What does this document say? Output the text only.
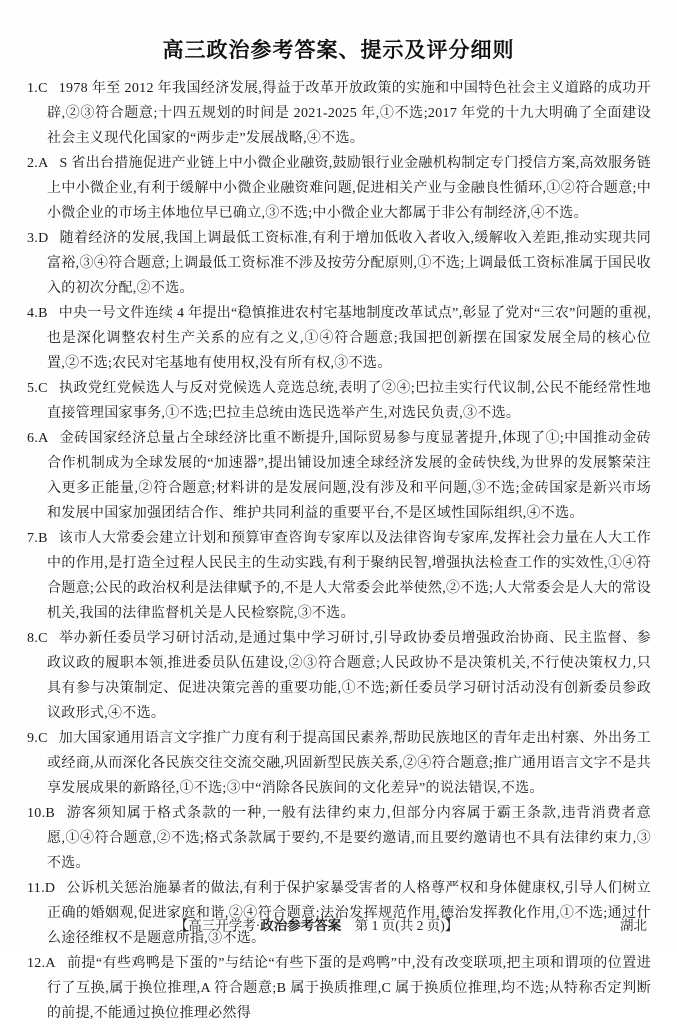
高三政治参考答案、提示及评分细则
1.C 1978 年至 2012 年我国经济发展,得益于改革开放政策的实施和中国特色社会主义道路的成功开辟,②③符合题意;十四五规划的时间是 2021-2025 年,①不选;2017 年党的十九大明确了全面建设社会主义现代化国家的“两步走”发展战略,④不选。
2.A S 省出台措施促进产业链上中小微企业融资,鼓励银行业金融机构制定专门授信方案,高效服务链上中小微企业,有利于缓解中小微企业融资难问题,促进相关产业与金融良性循环,①②符合题意;中小微企业的市场主体地位早已确立,③不选;中小微企业大都属于非公有制经济,④不选。
3.D 随着经济的发展,我国上调最低工资标准,有利于增加低收入者收入,缓解收入差距,推动实现共同富裕,③④符合题意;上调最低工资标准不涉及按劳分配原则,①不选;上调最低工资标准属于国民收入的初次分配,②不选。
4.B 中央一号文件连续 4 年提出“稳慎推进农村宅基地制度改革试点”,彰显了党对“三农”问题的重视,也是深化调整农村生产关系的应有之义,①④符合题意;我国把创新摆在国家发展全局的核心位置,②不选;农民对宅基地有使用权,没有所有权,③不选。
5.C 执政党红党候选人与反对党候选人竞选总统,表明了②④;巴拉圭实行代议制,公民不能经常性地直接管理国家事务,①不选;巴拉圭总统由选民选举产生,对选民负责,③不选。
6.A 金砖国家经济总量占全球经济比重不断提升,国际贸易参与度显著提升,体现了①;中国推动金砖合作机制成为全球发展的“加速器”,提出铺设加速全球经济发展的金砖快线,为世界的发展繁荣注入更多正能量,②符合题意;材料讲的是发展问题,没有涉及和平问题,③不选;金砖国家是新兴市场和发展中国家加强团结合作、维护共同利益的重要平台,不是区域性国际组织,④不选。
7.B 该市人大常委会建立计划和预算审查咨询专家库以及法律咨询专家库,发挥社会力量在人大工作中的作用,是打造全过程人民民主的生动实践,有利于聚纳民智,增强执法检查工作的实效性,①④符合题意;公民的政治权利是法律赋予的,不是人大常委会此举使然,②不选;人大常委会是人大的常设机关,我国的法律监督机关是人民检察院,③不选。
8.C 举办新任委员学习研讨活动,是通过集中学习研讨,引导政协委员增强政治协商、民主监督、参政议政的履职本领,推进委员队伍建设,②③符合题意;人民政协不是决策机关,不行使决策权力,只具有参与决策制定、促进决策完善的重要功能,①不选;新任委员学习研讨活动没有创新委员参政议政形式,④不选。
9.C 加大国家通用语言文字推广力度有利于提高国民素养,帮助民族地区的青年走出村寨、外出务工或经商,从而深化各民族交往交流交融,巩固新型民族关系,②④符合题意;推广通用语言文字不是共享发展成果的新路径,①不选;③中“消除各民族间的文化差异”的说法错误,不选。
10.B 游客须知属于格式条款的一种,一般有法律约束力,但部分内容属于霸王条款,违背消费者意愿,①④符合题意,②不选;格式条款属于要约,不是要约邀请,而且要约邀请也不具有法律约束力,③不选。
11.D 公诉机关惩治施暴者的做法,有利于保护家暴受害者的人格尊严权和身体健康权,引导人们树立正确的婚姻观,促进家庭和谐,②④符合题意;法治发挥规范作用,德治发挥教化作用,①不选;通过什么途径维权不是题意所指,③不选。
12.A 前提“有些鸡鸭是下蛋的”与结论“有些下蛋的是鸡鸭”中,没有改变联项,把主项和谓项的位置进行了互换,属于换位推理,A 符合题意;B 属于换质推理,C 属于换质位推理,均不选;从特称否定判断的前提,不能通过换位推理必然得
【高三开学考·政治参考答案　第 1 页(共 2 页)】	湖北
